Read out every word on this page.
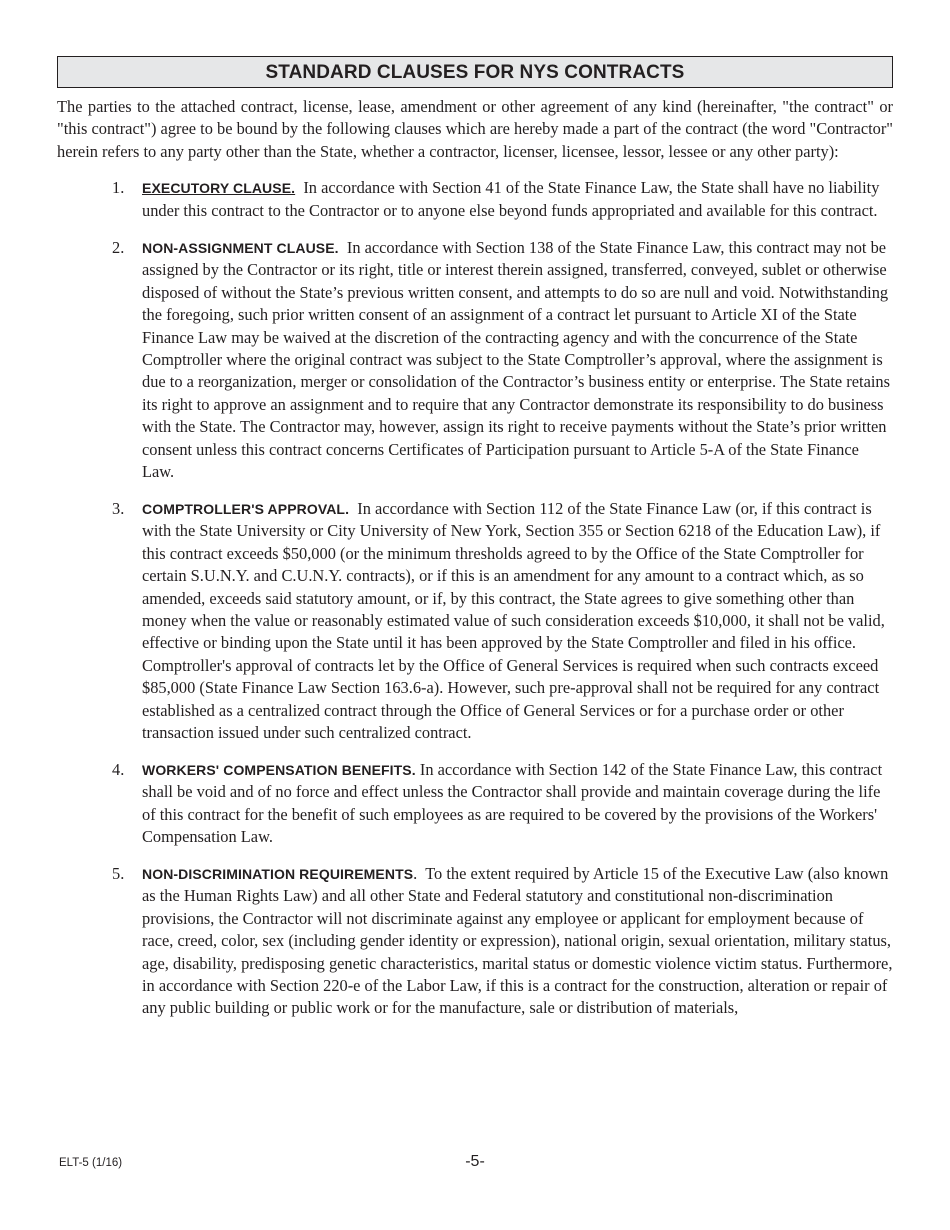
STANDARD CLAUSES FOR NYS CONTRACTS

The parties to the attached contract, license, lease, amendment or other agreement of any kind (hereinafter, "the contract" or "this contract") agree to be bound by the following clauses which are hereby made a part of the contract (the word "Contractor" herein refers to any party other than the State, whether a contractor, licenser, licensee, lessor, lessee or any other party):

1. EXECUTORY CLAUSE. In accordance with Section 41 of the State Finance Law, the State shall have no liability under this contract to the Contractor or to anyone else beyond funds appropriated and available for this contract.
2. NON-ASSIGNMENT CLAUSE. In accordance with Section 138 of the State Finance Law, this contract may not be assigned by the Contractor or its right, title or interest therein assigned, transferred, conveyed, sublet or otherwise disposed of without the State’s previous written consent, and attempts to do so are null and void. Notwithstanding the foregoing, such prior written consent of an assignment of a contract let pursuant to Article XI of the State Finance Law may be waived at the discretion of the contracting agency and with the concurrence of the State Comptroller where the original contract was subject to the State Comptroller’s approval, where the assignment is due to a reorganization, merger or consolidation of the Contractor’s business entity or enterprise. The State retains its right to approve an assignment and to require that any Contractor demonstrate its responsibility to do business with the State. The Contractor may, however, assign its right to receive payments without the State’s prior written consent unless this contract concerns Certificates of Participation pursuant to Article 5-A of the State Finance Law.
3. COMPTROLLER'S APPROVAL. In accordance with Section 112 of the State Finance Law (or, if this contract is with the State University or City University of New York, Section 355 or Section 6218 of the Education Law), if this contract exceeds $50,000 (or the minimum thresholds agreed to by the Office of the State Comptroller for certain S.U.N.Y. and C.U.N.Y. contracts), or if this is an amendment for any amount to a contract which, as so amended, exceeds said statutory amount, or if, by this contract, the State agrees to give something other than money when the value or reasonably estimated value of such consideration exceeds $10,000, it shall not be valid, effective or binding upon the State until it has been approved by the State Comptroller and filed in his office. Comptroller's approval of contracts let by the Office of General Services is required when such contracts exceed $85,000 (State Finance Law Section 163.6-a). However, such pre-approval shall not be required for any contract established as a centralized contract through the Office of General Services or for a purchase order or other transaction issued under such centralized contract.
4. WORKERS' COMPENSATION BENEFITS. In accordance with Section 142 of the State Finance Law, this contract shall be void and of no force and effect unless the Contractor shall provide and maintain coverage during the life of this contract for the benefit of such employees as are required to be covered by the provisions of the Workers' Compensation Law.
5. NON-DISCRIMINATION REQUIREMENTS. To the extent required by Article 15 of the Executive Law (also known as the Human Rights Law) and all other State and Federal statutory and constitutional non-discrimination provisions, the Contractor will not discriminate against any employee or applicant for employment because of race, creed, color, sex (including gender identity or expression), national origin, sexual orientation, military status, age, disability, predisposing genetic characteristics, marital status or domestic violence victim status. Furthermore, in accordance with Section 220-e of the Labor Law, if this is a contract for the construction, alteration or repair of any public building or public work or for the manufacture, sale or distribution of materials,
ELT-5 (1/16)	-5-
